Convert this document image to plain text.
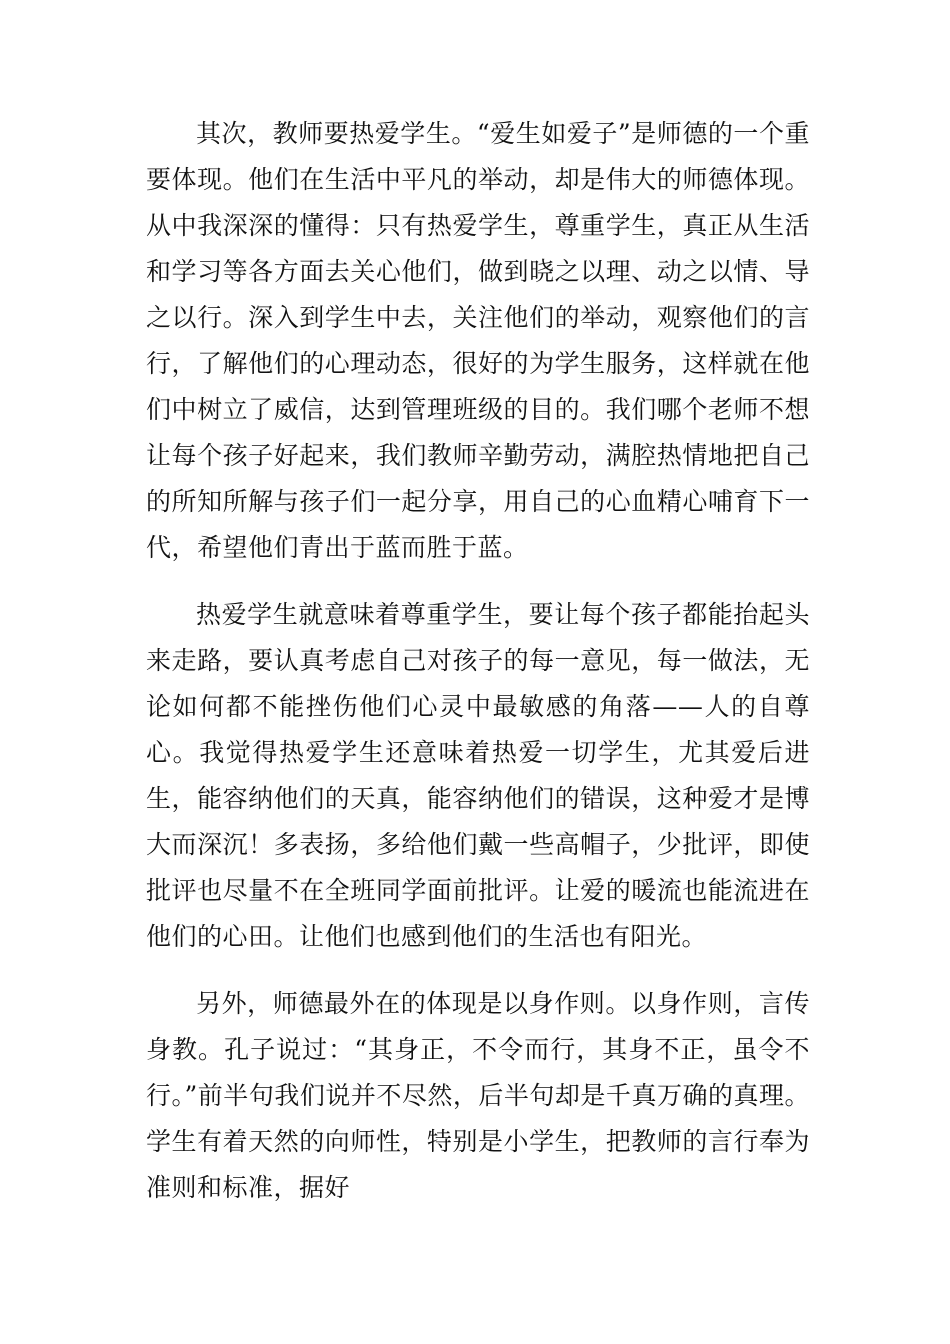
其次，教师要热爱学生。“爱生如爱子”是师德的一个重要体现。他们在生活中平凡的举动，却是伟大的师德体现。从中我深深的懂得：只有热爱学生，尊重学生，真正从生活和学习等各方面去关心他们，做到晓之以理、动之以情、导之以行。深入到学生中去，关注他们的举动，观察他们的言行，了解他们的心理动态，很好的为学生服务，这样就在他们中树立了威信，达到管理班级的目的。我们哪个老师不想让每个孩子好起来，我们教师辛勤劳动，满腔热情地把自己的所知所解与孩子们一起分享，用自己的心血精心哺育下一代，希望他们青出于蓝而胜于蓝。

热爱学生就意味着尊重学生，要让每个孩子都能抬起头来走路，要认真考虑自己对孩子的每一意见，每一做法，无论如何都不能挫伤他们心灵中最敏感的角落——人的自尊心。我觉得热爱学生还意味着热爱一切学生，尤其爱后进生，能容纳他们的天真，能容纳他们的错误，这种爱才是博大而深沉！多表扬，多给他们戴一些高帽子，少批评，即使批评也尽量不在全班同学面前批评。让爱的暖流也能流进在他们的心田。让他们也感到他们的生活也有阳光。

另外，师德最外在的体现是以身作则。以身作则，言传身教。孔子说过：“其身正，不令而行，其身不正，虽令不行。”前半句我们说并不尽然，后半句却是千真万确的真理。学生有着天然的向师性，特别是小学生，把教师的言行奉为准则和标准，据好
